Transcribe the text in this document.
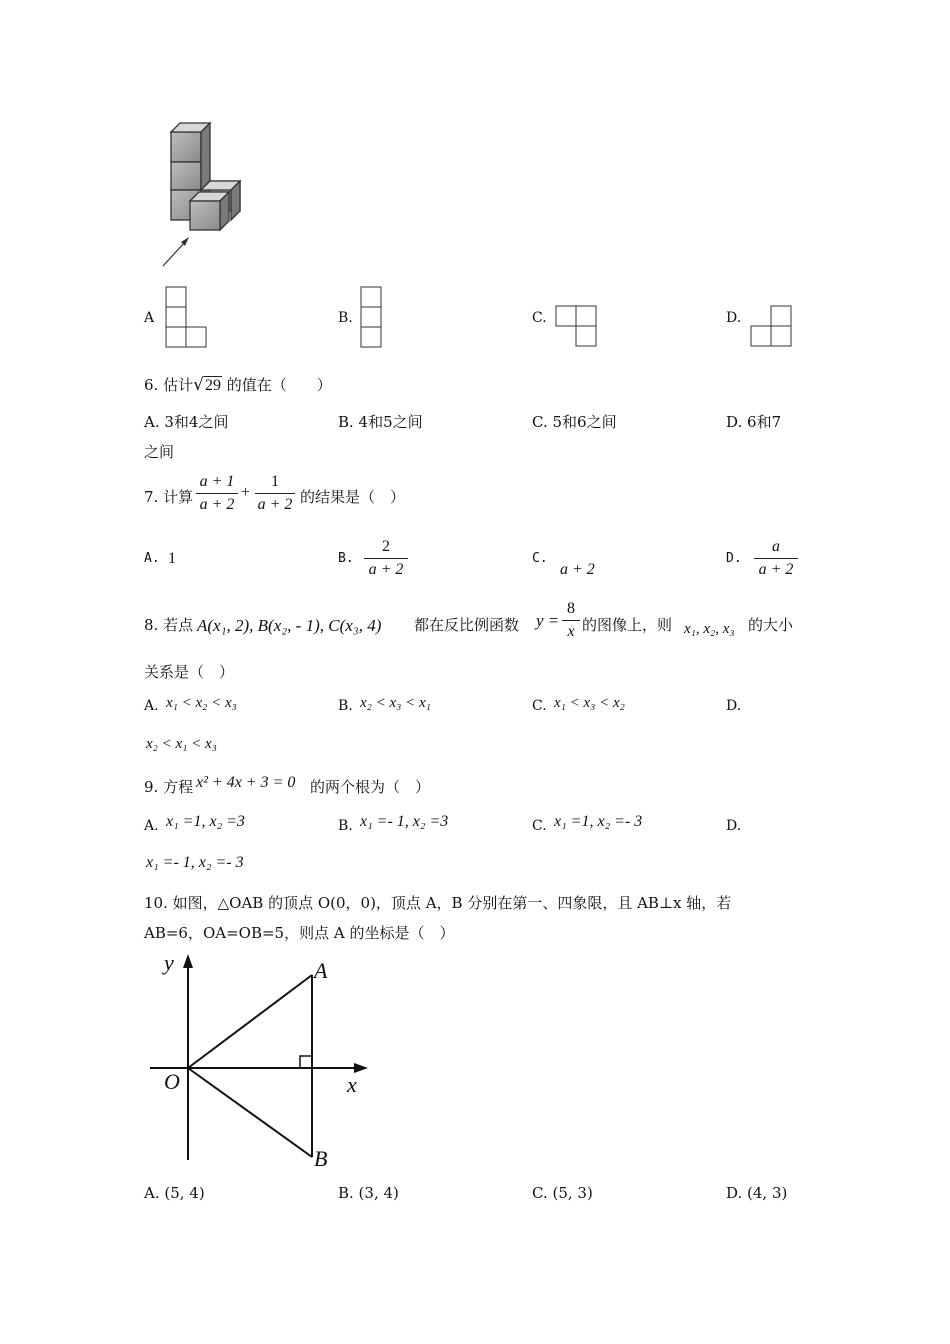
A	B.	C.	D.
6. 估计√29 的值在（　　）
A. 3和4之间	B. 4和5之间	C. 5和6之间	D. 6和7
之间
7. 计算 $\frac{a + 1}{a + 2} + \frac{1}{a + 2}$ 的结果是（　）
A. 1	B. $\frac{2}{a + 2}$	C.
a + 2
D. $\frac{a}{a + 2}$
8. 若点 A(x₁, 2), B(x₂, - 1), C(x₃, 4) 都在反比例函数 $y = \frac{8}{x}$ 的图像上，则 x₁, x₂, x₃ 的大小
关系是（　）
A. x₁ < x₂ < x₃	B. x₂ < x₃ < x₁	C. x₁ < x₃ < x₂	D.
x₂ < x₁ < x₃
9. 方程 x² + 4x + 3 = 0 的两个根为（　）
A. x₁ =1, x₂ =3	B. x₁ =- 1, x₂ =3	C. x₁ =1, x₂ =- 3	D.
x₁ =- 1, x₂ =- 3
10. 如图，△OAB 的顶点 O(0，0)，顶点 A，B 分别在第一、四象限，且 AB⊥x 轴，若
AB=6，OA=OB=5，则点 A 的坐标是（　）
y
x
O
A
B
A. (5, 4)	B. (3, 4)	C. (5, 3)	D. (4, 3)
